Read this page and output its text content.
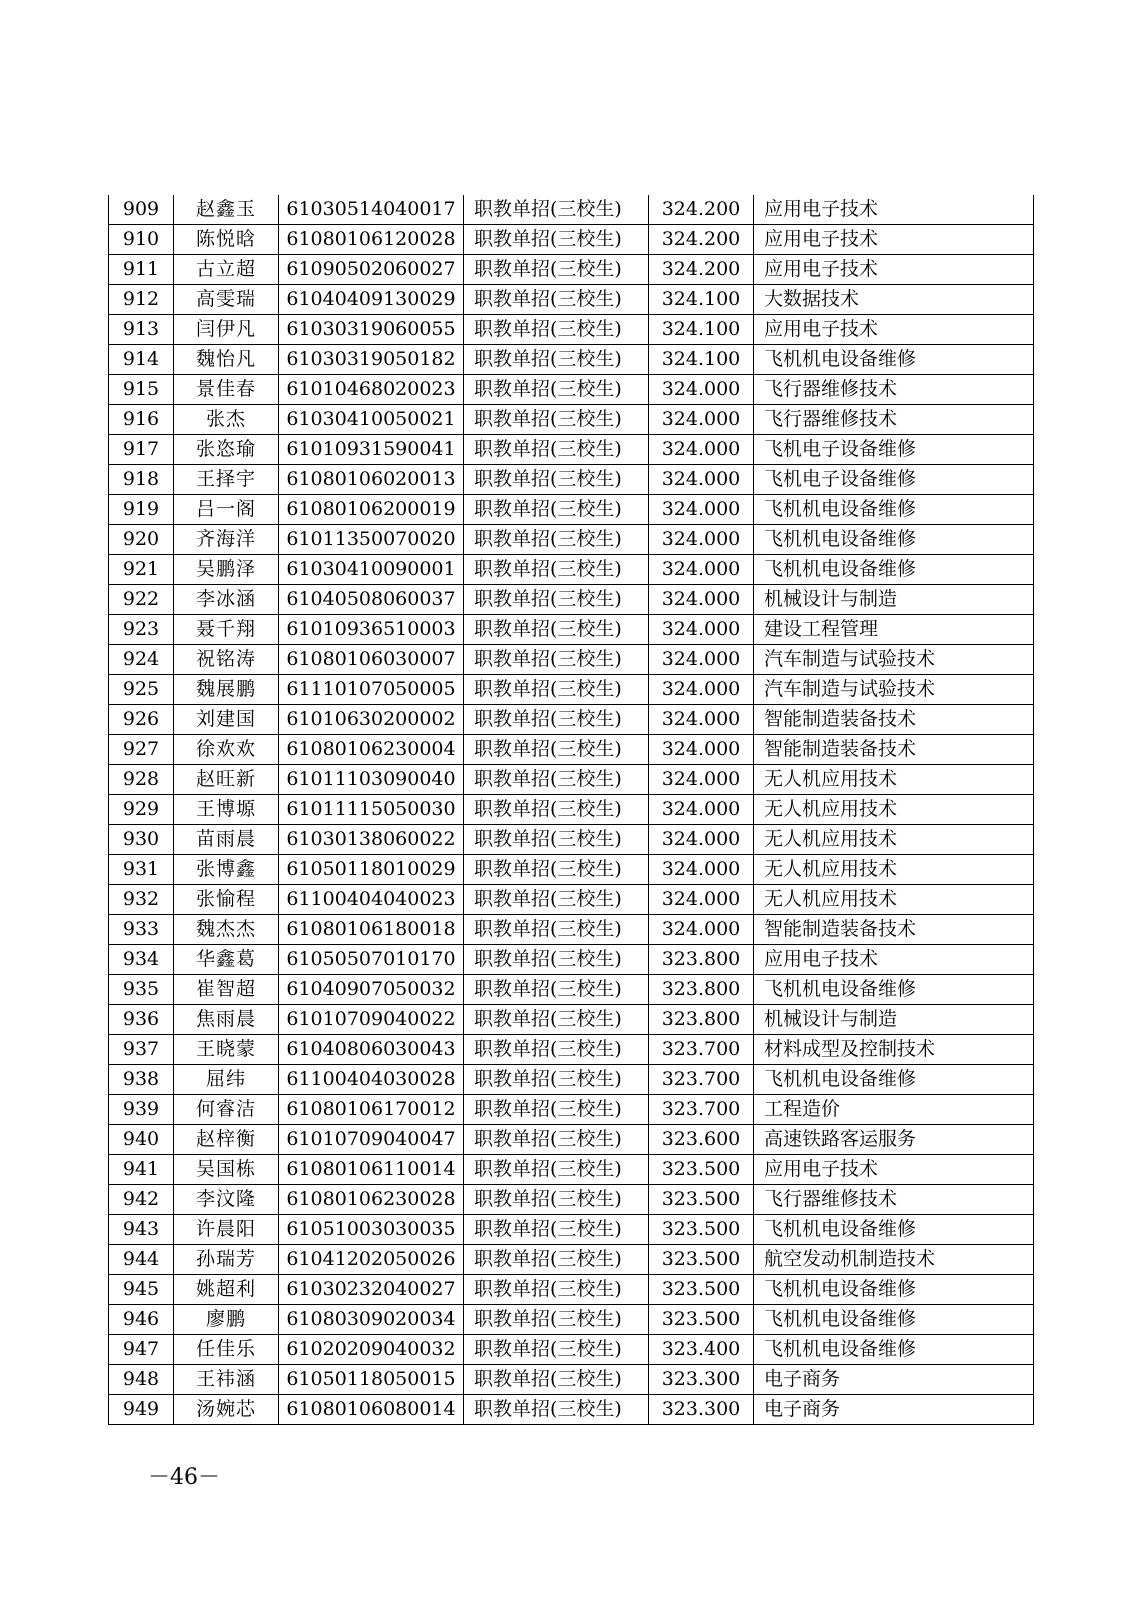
909	赵鑫玉	61030514040017	职教单招(三校生)	324.200	应用电子技术
910	陈悦晗	61080106120028	职教单招(三校生)	324.200	应用电子技术
911	古立超	61090502060027	职教单招(三校生)	324.200	应用电子技术
912	高雯瑞	61040409130029	职教单招(三校生)	324.100	大数据技术
913	闫伊凡	61030319060055	职教单招(三校生)	324.100	应用电子技术
914	魏怡凡	61030319050182	职教单招(三校生)	324.100	飞机机电设备维修
915	景佳春	61010468020023	职教单招(三校生)	324.000	飞行器维修技术
916	张杰	61030410050021	职教单招(三校生)	324.000	飞行器维修技术
917	张恣瑜	61010931590041	职教单招(三校生)	324.000	飞机电子设备维修
918	王择宇	61080106020013	职教单招(三校生)	324.000	飞机电子设备维修
919	吕一阁	61080106200019	职教单招(三校生)	324.000	飞机机电设备维修
920	齐海洋	61011350070020	职教单招(三校生)	324.000	飞机机电设备维修
921	吴鹏泽	61030410090001	职教单招(三校生)	324.000	飞机机电设备维修
922	李冰涵	61040508060037	职教单招(三校生)	324.000	机械设计与制造
923	聂千翔	61010936510003	职教单招(三校生)	324.000	建设工程管理
924	祝铭涛	61080106030007	职教单招(三校生)	324.000	汽车制造与试验技术
925	魏展鹏	61110107050005	职教单招(三校生)	324.000	汽车制造与试验技术
926	刘建国	61010630200002	职教单招(三校生)	324.000	智能制造装备技术
927	徐欢欢	61080106230004	职教单招(三校生)	324.000	智能制造装备技术
928	赵旺新	61011103090040	职教单招(三校生)	324.000	无人机应用技术
929	王博塬	61011115050030	职教单招(三校生)	324.000	无人机应用技术
930	苗雨晨	61030138060022	职教单招(三校生)	324.000	无人机应用技术
931	张博鑫	61050118010029	职教单招(三校生)	324.000	无人机应用技术
932	张愉程	61100404040023	职教单招(三校生)	324.000	无人机应用技术
933	魏杰杰	61080106180018	职教单招(三校生)	324.000	智能制造装备技术
934	华鑫葛	61050507010170	职教单招(三校生)	323.800	应用电子技术
935	崔智超	61040907050032	职教单招(三校生)	323.800	飞机机电设备维修
936	焦雨晨	61010709040022	职教单招(三校生)	323.800	机械设计与制造
937	王晓蒙	61040806030043	职教单招(三校生)	323.700	材料成型及控制技术
938	屈纬	61100404030028	职教单招(三校生)	323.700	飞机机电设备维修
939	何睿洁	61080106170012	职教单招(三校生)	323.700	工程造价
940	赵梓衡	61010709040047	职教单招(三校生)	323.600	高速铁路客运服务
941	吴国栋	61080106110014	职教单招(三校生)	323.500	应用电子技术
942	李汶隆	61080106230028	职教单招(三校生)	323.500	飞行器维修技术
943	许晨阳	61051003030035	职教单招(三校生)	323.500	飞机机电设备维修
944	孙瑞芳	61041202050026	职教单招(三校生)	323.500	航空发动机制造技术
945	姚超利	61030232040027	职教单招(三校生)	323.500	飞机机电设备维修
946	廖鹏	61080309020034	职教单招(三校生)	323.500	飞机机电设备维修
947	任佳乐	61020209040032	职教单招(三校生)	323.400	飞机机电设备维修
948	王祎涵	61050118050015	职教单招(三校生)	323.300	电子商务
949	汤婉芯	61080106080014	职教单招(三校生)	323.300	电子商务
－46－
